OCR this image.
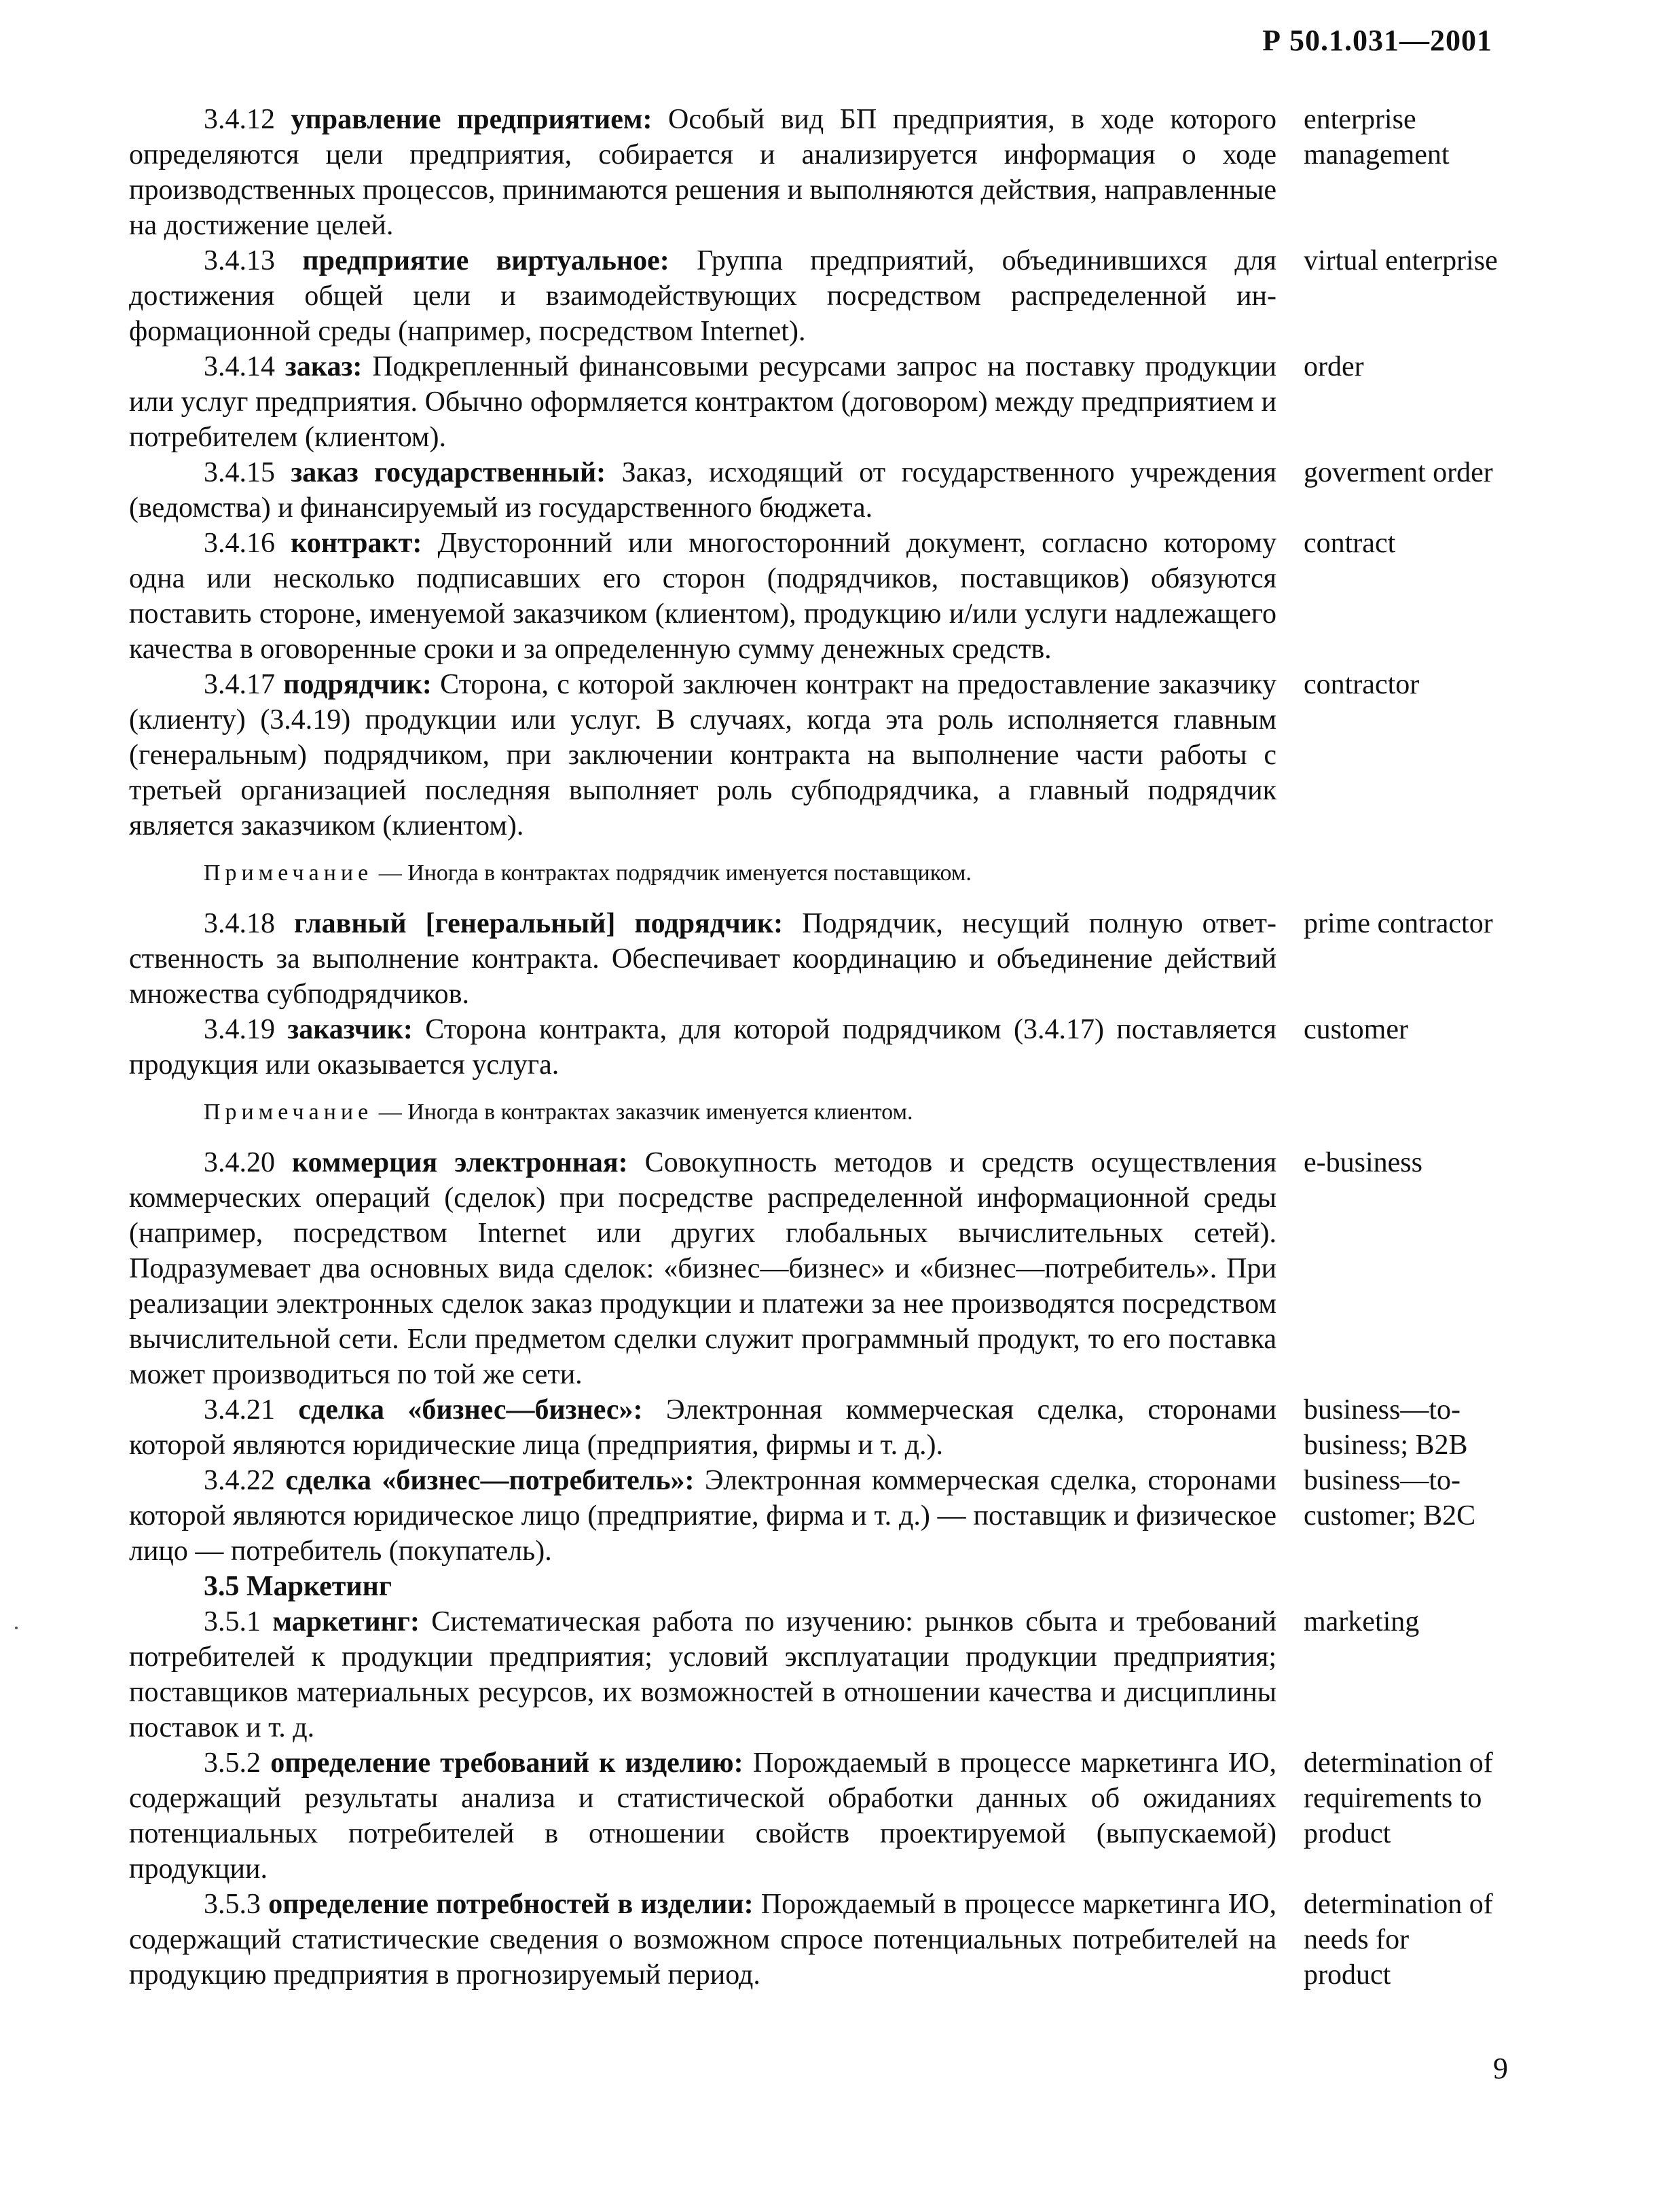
Р 50.1.031—2001
3.4.12 управление предприятием: Особый вид БП предприятия, в ходе которого определяются цели предприятия, собирается и анализируется информация о ходе производственных процессов, принимаются решения и выполняются действия, направленные на достижение целей.
enterprise management
3.4.13 предприятие виртуальное: Группа предприятий, объединившихся для достижения общей цели и взаимодействующих посредством распределенной информационной среды (например, посредством Internet).
virtual enterprise
3.4.14 заказ: Подкрепленный финансовыми ресурсами запрос на поставку продукции или услуг предприятия. Обычно оформляется контрактом (договором) между предприятием и потребителем (клиентом).
order
3.4.15 заказ государственный: Заказ, исходящий от государственного учреждения (ведомства) и финансируемый из государственного бюджета.
goverment order
3.4.16 контракт: Двусторонний или многосторонний документ, согласно которому одна или несколько подписавших его сторон (подрядчиков, поставщиков) обязуются поставить стороне, именуемой заказчиком (клиентом), продукцию и/или услуги надлежащего качества в оговоренные сроки и за определенную сумму денежных средств.
contract
3.4.17 подрядчик: Сторона, с которой заключен контракт на предоставление заказчику (клиенту) (3.4.19) продукции или услуг. В случаях, когда эта роль исполняется главным (генеральным) подрядчиком, при заключении контракта на выполнение части работы с третьей организацией последняя выполняет роль субподрядчика, а главный подрядчик является заказчиком (клиентом).
contractor
Примечание — Иногда в контрактах подрядчик именуется поставщиком.
3.4.18 главный [генеральный] подрядчик: Подрядчик, несущий полную ответственность за выполнение контракта. Обеспечивает координацию и объединение действий множества субподрядчиков.
prime contractor
3.4.19 заказчик: Сторона контракта, для которой подрядчиком (3.4.17) поставляется продукция или оказывается услуга.
customer
Примечание — Иногда в контрактах заказчик именуется клиентом.
3.4.20 коммерция электронная: Совокупность методов и средств осуществления коммерческих операций (сделок) при посредстве распределенной информационной среды (например, посредством Internet или других глобальных вычислительных сетей). Подразумевает два основных вида сделок: «бизнес—бизнес» и «бизнес—потребитель». При реализации электронных сделок заказ продукции и платежи за нее производятся посредством вычислительной сети. Если предметом сделки служит программный продукт, то его поставка может производиться по той же сети.
e-business
3.4.21 сделка «бизнес—бизнес»: Электронная коммерческая сделка, сторонами которой являются юридические лица (предприятия, фирмы и т. д.).
business—to-business; B2B
3.4.22 сделка «бизнес—потребитель»: Электронная коммерческая сделка, сторонами которой являются юридическое лицо (предприятие, фирма и т. д.) — поставщик и физическое лицо — потребитель (покупатель).
business—to-customer; B2C
3.5 Маркетинг
3.5.1 маркетинг: Систематическая работа по изучению: рынков сбыта и требований потребителей к продукции предприятия; условий эксплуатации продукции предприятия; поставщиков материальных ресурсов, их возможностей в отношении качества и дисциплины поставок и т. д.
marketing
3.5.2 определение требований к изделию: Порождаемый в процессе маркетинга ИО, содержащий результаты анализа и статистической обработки данных об ожиданиях потенциальных потребителей в отношении свойств проектируемой (выпускаемой) продукции.
determination of requirements to product
3.5.3 определение потребностей в изделии: Порождаемый в процессе маркетинга ИО, содержащий статистические сведения о возможном спросе потенциальных потребителей на продукцию предприятия в прогнозируемый период.
determination of needs for product
9
